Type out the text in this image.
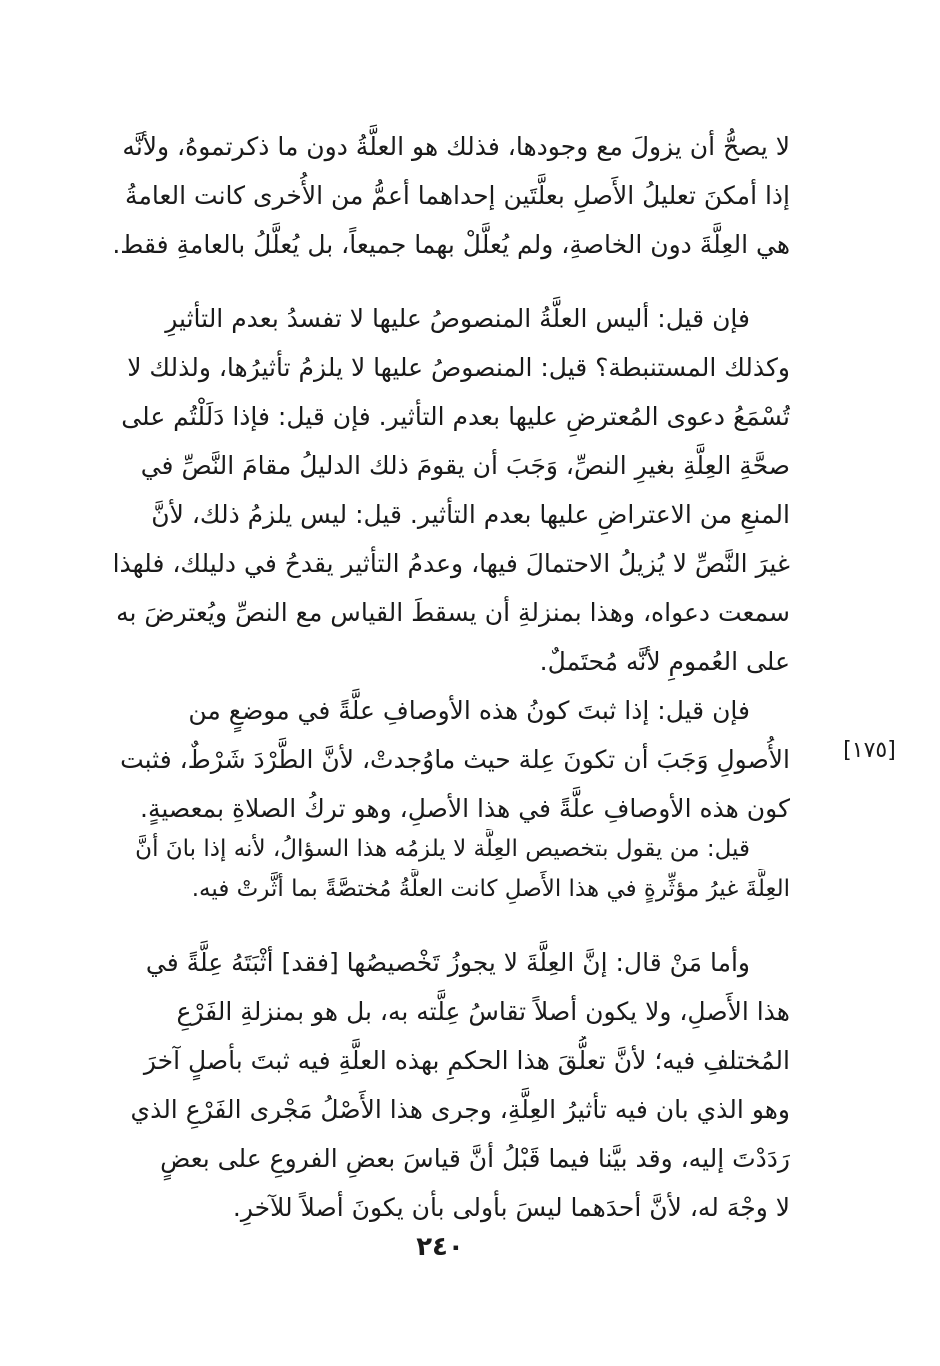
لا يصحُّ أن يزولَ مع وجودها، فذلك هو العلَّةُ دون ما ذكرتموهُ، ولأنَّه
إذا أمكنَ تعليلُ الأَصلِ بعلَّتَين إحداهما أعمُّ من الأُخرى كانت العامةُ
هي العِلَّةَ دون الخاصةِ، ولم يُعلَّلْ بهما جميعاً، بل يُعلَّلُ بالعامةِ فقط.
فإن قيل: أليس العلَّةُ المنصوصُ عليها لا تفسدُ بعدم التأثيرِ
وكذلك المستنبطة؟ قيل: المنصوصُ عليها لا يلزمُ تأثيرُها، ولذلك لا
تُسْمَعُ دعوى المُعترضِ عليها بعدم التأثير. فإن قيل: فإذا دَلَلْتُم على
صحَّةِ العِلَّةِ بغيرِ النصِّ، وَجَبَ أن يقومَ ذلك الدليلُ مقامَ النَّصِّ في
المنعِ من الاعتراضِ عليها بعدم التأثير. قيل: ليس يلزمُ ذلك، لأنَّ
غيرَ النَّصِّ لا يُزيلُ الاحتمالَ فيها، وعدمُ التأثير يقدحُ في دليلك، فلهذا
سمعت دعواه، وهذا بمنزلةِ أن يسقطَ القياس مع النصِّ ويُعترضَ به
على العُمومِ لأنَّه مُحتَملٌ.
فإن قيل: إذا ثبتَ كونُ هذه الأوصافِ علَّةً في موضعٍ من
الأُصولِ وَجَبَ أن تكونَ عِلة حيث ماوُجدتْ، لأنَّ الطَّرْدَ شَرْطٌ، فثبت
كون هذه الأوصافِ علَّةً في هذا الأصلِ، وهو تركُ الصلاةِ بمعصيةٍ.
[١٧٥]
قيل: من يقول بتخصيص العِلَّة لا يلزمُه هذا السؤالُ، لأنه إذا بانَ أنَّ
العِلَّةَ غيرُ مؤثِّرةٍ في هذا الأَصلِ كانت العلَّةُ مُختصَّةً بما أثَّرتْ فيه.
وأما مَنْ قال: إنَّ العِلَّةَ لا يجوزُ تَخْصيصُها [فقد] أثْبَتَهُ عِلَّةً في
هذا الأَصلِ، ولا يكون أصلاً تقاسُ عِلَّته به، بل هو بمنزلةِ الفَرْعِ
المُختلفِ فيه؛ لأنَّ تعلُّقَ هذا الحكمِ بهذه العلَّةِ فيه ثبتَ بأصلٍ آخرَ
وهو الذي بان فيه تأثيرُ العِلَّةِ، وجرى هذا الأَصْلُ مَجْرى الفَرْعِ الذي
رَدَدْتَ إليه، وقد بيَّنا فيما قَبْلُ أنَّ قياسَ بعضِ الفروعِ على بعضٍ
لا وجْهَ له، لأنَّ أحدَهما ليسَ بأولى بأن يكونَ أصلاً للآخرِ.
٢٤٠
